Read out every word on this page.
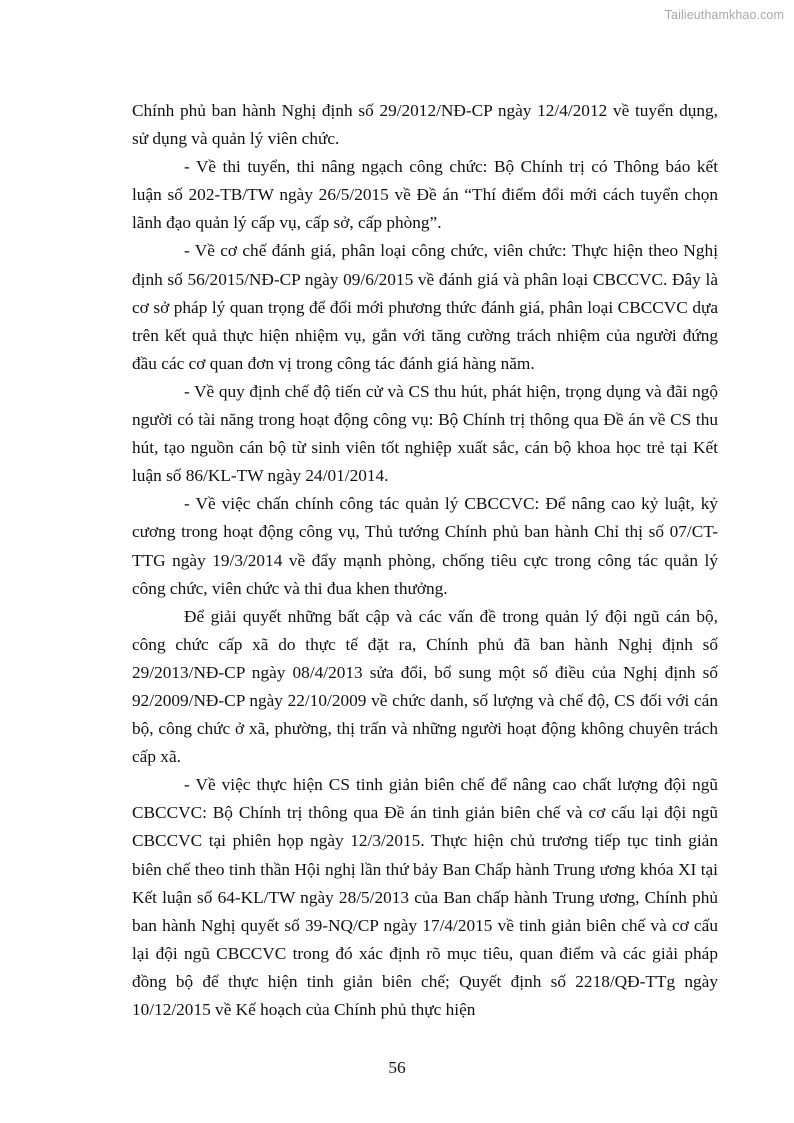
Tailieuthamkhao.com

Chính phủ ban hành Nghị định số 29/2012/NĐ-CP ngày 12/4/2012 về tuyển dụng, sử dụng và quản lý viên chức.

- Về thi tuyển, thi nâng ngạch công chức: Bộ Chính trị có Thông báo kết luận số 202-TB/TW ngày 26/5/2015 về Đề án “Thí điểm đổi mới cách tuyển chọn lãnh đạo quản lý cấp vụ, cấp sở, cấp phòng”.

- Về cơ chế đánh giá, phân loại công chức, viên chức: Thực hiện theo Nghị định số 56/2015/NĐ-CP ngày 09/6/2015 về đánh giá và phân loại CBCCVC. Đây là cơ sở pháp lý quan trọng để đổi mới phương thức đánh giá, phân loại CBCCVC dựa trên kết quả thực hiện nhiệm vụ, gắn với tăng cường trách nhiệm của người đứng đầu các cơ quan đơn vị trong công tác đánh giá hàng năm.

- Về quy định chế độ tiến cử và CS thu hút, phát hiện, trọng dụng và đãi ngộ người có tài năng trong hoạt động công vụ: Bộ Chính trị thông qua Đề án về CS thu hút, tạo nguồn cán bộ từ sinh viên tốt nghiệp xuất sắc, cán bộ khoa học trẻ tại Kết luận số 86/KL-TW ngày 24/01/2014.

- Về việc chấn chính công tác quản lý CBCCVC: Để nâng cao kỷ luật, kỷ cương trong hoạt động công vụ, Thủ tướng Chính phủ ban hành Chỉ thị số 07/CT-TTG ngày 19/3/2014 về đẩy mạnh phòng, chống tiêu cực trong công tác quản lý công chức, viên chức và thi đua khen thưởng.

Để giải quyết những bất cập và các vấn đề trong quản lý đội ngũ cán bộ, công chức cấp xã do thực tế đặt ra, Chính phủ đã ban hành Nghị định số 29/2013/NĐ-CP ngày 08/4/2013 sửa đổi, bổ sung một số điều của Nghị định số 92/2009/NĐ-CP ngày 22/10/2009 về chức danh, số lượng và chế độ, CS đối với cán bộ, công chức ở xã, phường, thị trấn và những người hoạt động không chuyên trách cấp xã.

- Về việc thực hiện CS tinh giản biên chế để nâng cao chất lượng đội ngũ CBCCVC: Bộ Chính trị thông qua Đề án tinh giản biên chế và cơ cấu lại đội ngũ CBCCVC tại phiên họp ngày 12/3/2015. Thực hiện chủ trương tiếp tục tinh giản biên chế theo tinh thần Hội nghị lần thứ bảy Ban Chấp hành Trung ương khóa XI tại Kết luận số 64-KL/TW ngày 28/5/2013 của Ban chấp hành Trung ương, Chính phủ ban hành Nghị quyết số 39-NQ/CP ngày 17/4/2015 về tinh giản biên chế và cơ cấu lại đội ngũ CBCCVC trong đó xác định rõ mục tiêu, quan điểm và các giải pháp đồng bộ để thực hiện tinh giản biên chế; Quyết định số 2218/QĐ-TTg ngày 10/12/2015 về Kế hoạch của Chính phủ thực hiện

56
